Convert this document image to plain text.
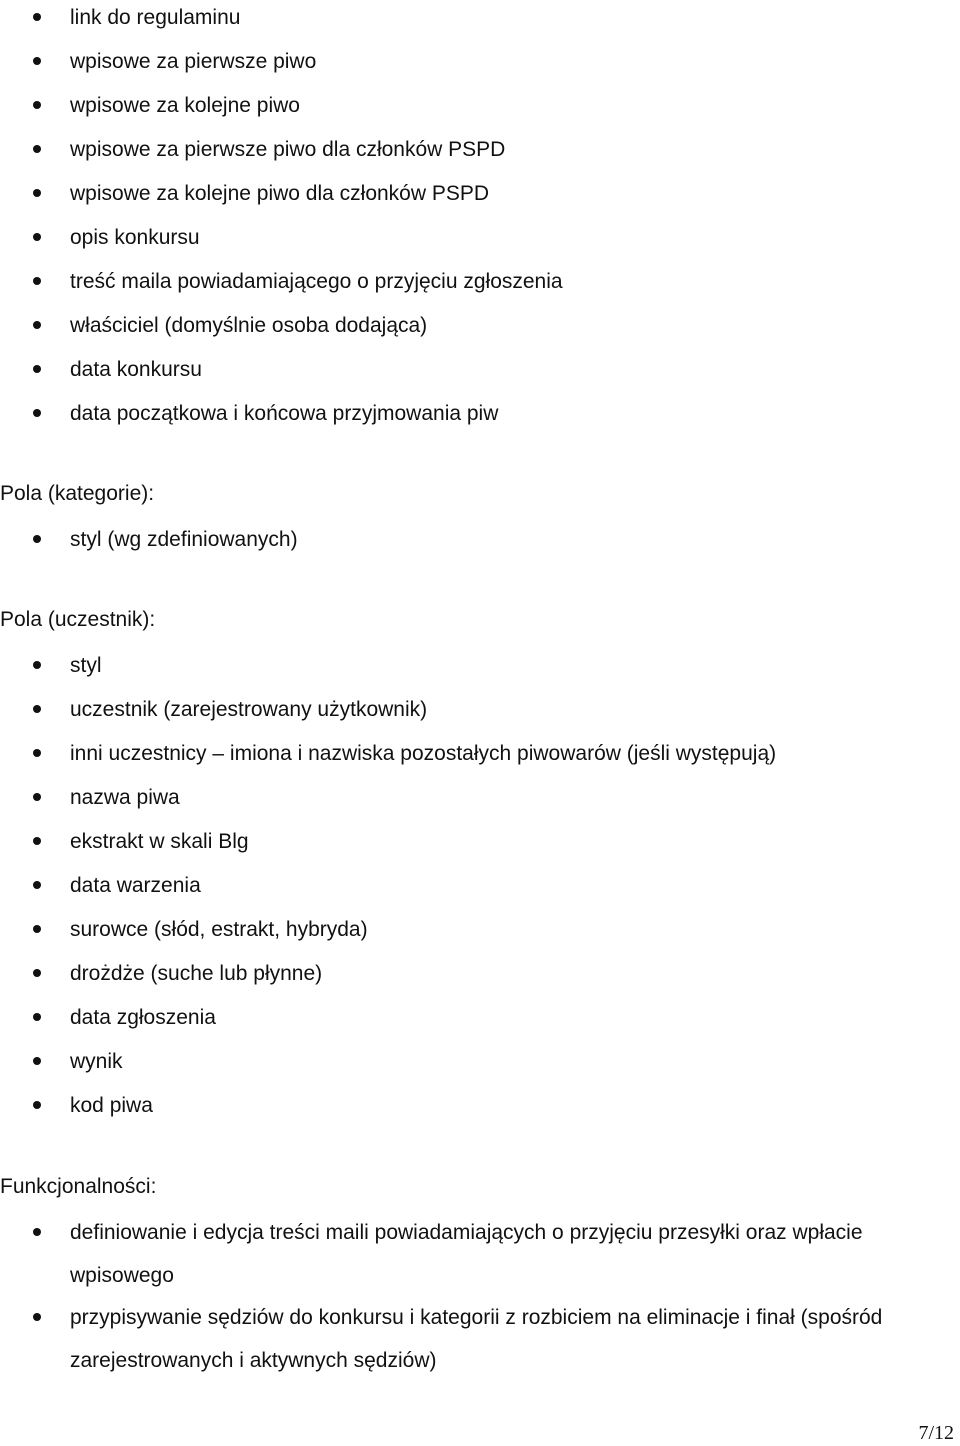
link do regulaminu
wpisowe za pierwsze piwo
wpisowe za kolejne piwo
wpisowe za pierwsze piwo dla członków PSPD
wpisowe za kolejne piwo dla członków PSPD
opis konkursu
treść maila powiadamiającego o przyjęciu zgłoszenia
właściciel (domyślnie osoba dodająca)
data konkursu
data początkowa i końcowa przyjmowania piw
Pola (kategorie):
styl (wg zdefiniowanych)
Pola (uczestnik):
styl
uczestnik (zarejestrowany użytkownik)
inni uczestnicy – imiona i nazwiska pozostałych piwowarów (jeśli występują)
nazwa piwa
ekstrakt w skali Blg
data warzenia
surowce (słód, estrakt, hybryda)
drożdże (suche lub płynne)
data zgłoszenia
wynik
kod piwa
Funkcjonalności:
definiowanie i edycja treści maili powiadamiających o przyjęciu przesyłki oraz wpłacie wpisowego
przypisywanie sędziów do konkursu i kategorii z rozbiciem na eliminacje i finał (spośród zarejestrowanych i aktywnych sędziów)
7/12
